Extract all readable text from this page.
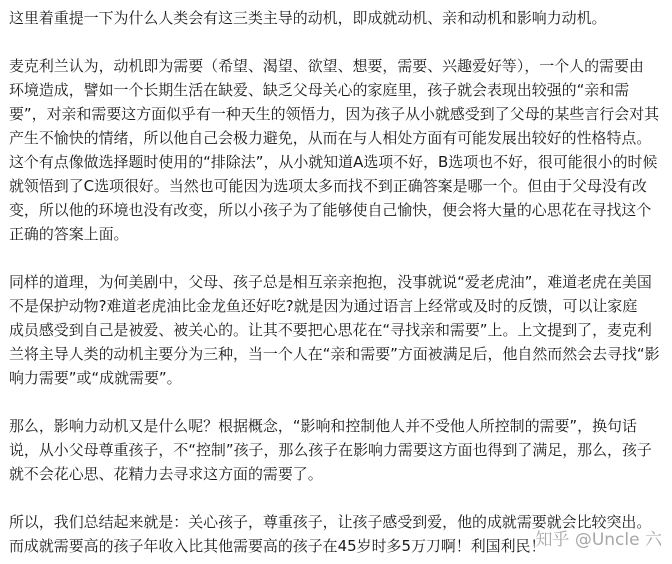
这里着重提一下为什么人类会有这三类主导的动机，即成就动机、亲和动机和影响力动机。

麦克利兰认为，动机即为需要（希望、渴望、欲望、想要，需要、兴趣爱好等），一个人的需要由
环境造成，譬如一个长期生活在缺爱、缺乏父母关心的家庭里，孩子就会表现出较强的“亲和需
要”，对亲和需要这方面似乎有一种天生的领悟力，因为孩子从小就感受到了父母的某些言行会对其
产生不愉快的情绪，所以他自己会极力避免，从而在与人相处方面有可能发展出较好的性格特点。
这个有点像做选择题时使用的“排除法”，从小就知道A选项不好，B选项也不好，很可能很小的时候
就领悟到了C选项很好。当然也可能因为选项太多而找不到正确答案是哪一个。但由于父母没有改
变，所以他的环境也没有改变，所以小孩子为了能够使自己愉快，便会将大量的心思花在寻找这个
正确的答案上面。

同样的道理，为何美剧中，父母、孩子总是相互亲亲抱抱，没事就说“爱老虎油”，难道老虎在美国
不是保护动物?难道老虎油比金龙鱼还好吃?就是因为通过语言上经常或及时的反馈，可以让家庭
成员感受到自己是被爱、被关心的。让其不要把心思花在“寻找亲和需要”上。上文提到了，麦克利
兰将主导人类的动机主要分为三种，当一个人在“亲和需要”方面被满足后，他自然而然会去寻找“影
响力需要”或“成就需要”。

那么，影响力动机又是什么呢？根据概念，“影响和控制他人并不受他人所控制的需要”，换句话
说，从小父母尊重孩子，不“控制”孩子，那么孩子在影响力需要这方面也得到了满足，那么，孩子
就不会花心思、花精力去寻求这方面的需要了。

所以，我们总结起来就是：关心孩子，尊重孩子，让孩子感受到爱，他的成就需要就会比较突出。
而成就需要高的孩子年收入比其他需要高的孩子在45岁时多5万刀啊！利国利民！

知乎 @Uncle 六
